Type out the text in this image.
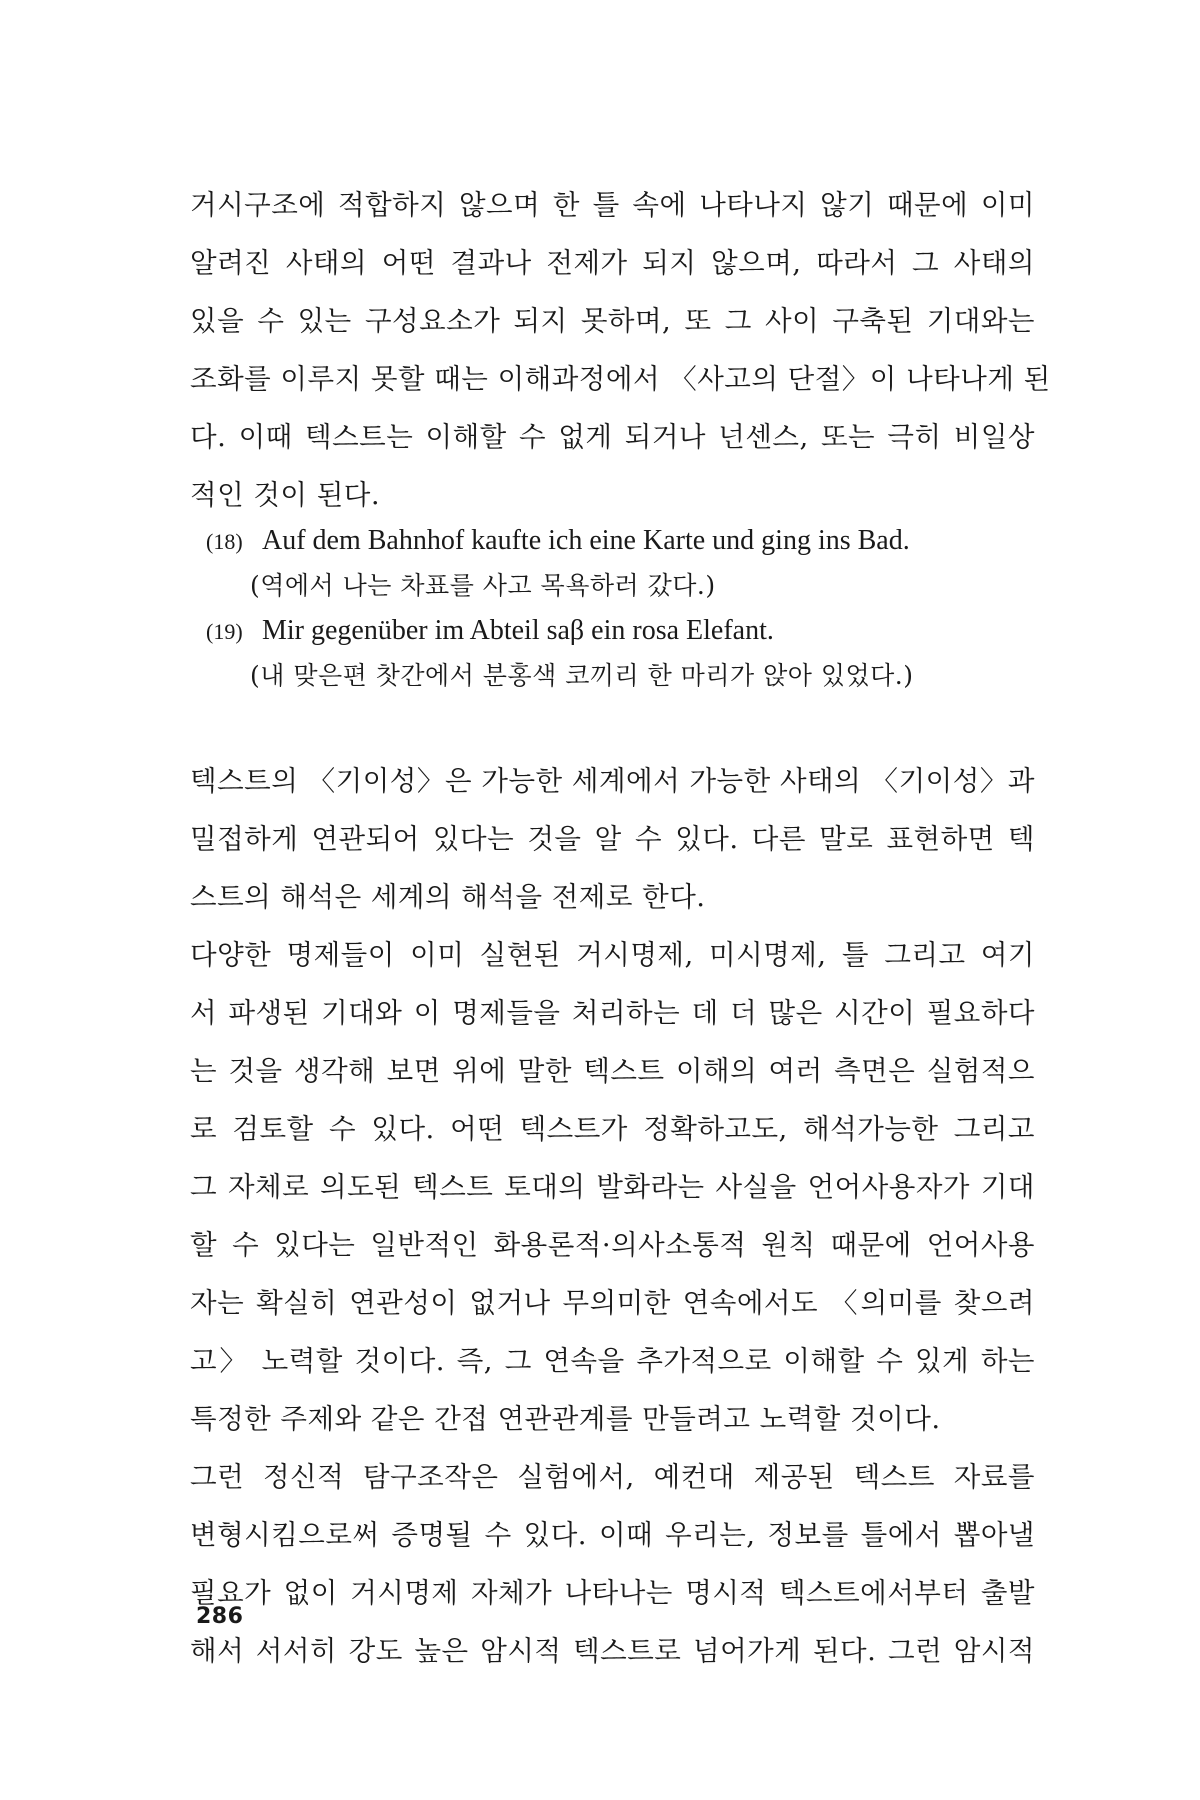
거시구조에 적합하지 않으며 한 틀 속에 나타나지 않기 때문에 이미
알려진 사태의 어떤 결과나 전제가 되지 않으며, 따라서 그 사태의
있을 수 있는 구성요소가 되지 못하며, 또 그 사이 구축된 기대와는
조화를 이루지 못할 때는 이해과정에서 〈사고의 단절〉이 나타나게 된
다. 이때 텍스트는 이해할 수 없게 되거나 넌센스, 또는 극히 비일상
적인 것이 된다.
(18) Auf dem Bahnhof kaufte ich eine Karte und ging ins Bad.
(역에서 나는 차표를 사고 목욕하러 갔다.)
(19) Mir gegenüber im Abteil saβ ein rosa Elefant.
(내 맞은편 찻간에서 분홍색 코끼리 한 마리가 앉아 있었다.)
텍스트의 〈기이성〉은 가능한 세계에서 가능한 사태의 〈기이성〉과
밀접하게 연관되어 있다는 것을 알 수 있다. 다른 말로 표현하면 텍
스트의 해석은 세계의 해석을 전제로 한다.
다양한 명제들이 이미 실현된 거시명제, 미시명제, 틀 그리고 여기
서 파생된 기대와 이 명제들을 처리하는 데 더 많은 시간이 필요하다
는 것을 생각해 보면 위에 말한 텍스트 이해의 여러 측면은 실험적으
로 검토할 수 있다. 어떤 텍스트가 정확하고도, 해석가능한 그리고
그 자체로 의도된 텍스트 토대의 발화라는 사실을 언어사용자가 기대
할 수 있다는 일반적인 화용론적·의사소통적 원칙 때문에 언어사용
자는 확실히 연관성이 없거나 무의미한 연속에서도 〈의미를 찾으려
고〉 노력할 것이다. 즉, 그 연속을 추가적으로 이해할 수 있게 하는
특정한 주제와 같은 간접 연관관계를 만들려고 노력할 것이다.
그런 정신적 탐구조작은 실험에서, 예컨대 제공된 텍스트 자료를
변형시킴으로써 증명될 수 있다. 이때 우리는, 정보를 틀에서 뽑아낼
필요가 없이 거시명제 자체가 나타나는 명시적 텍스트에서부터 출발
해서 서서히 강도 높은 암시적 텍스트로 넘어가게 된다. 그런 암시적
286
